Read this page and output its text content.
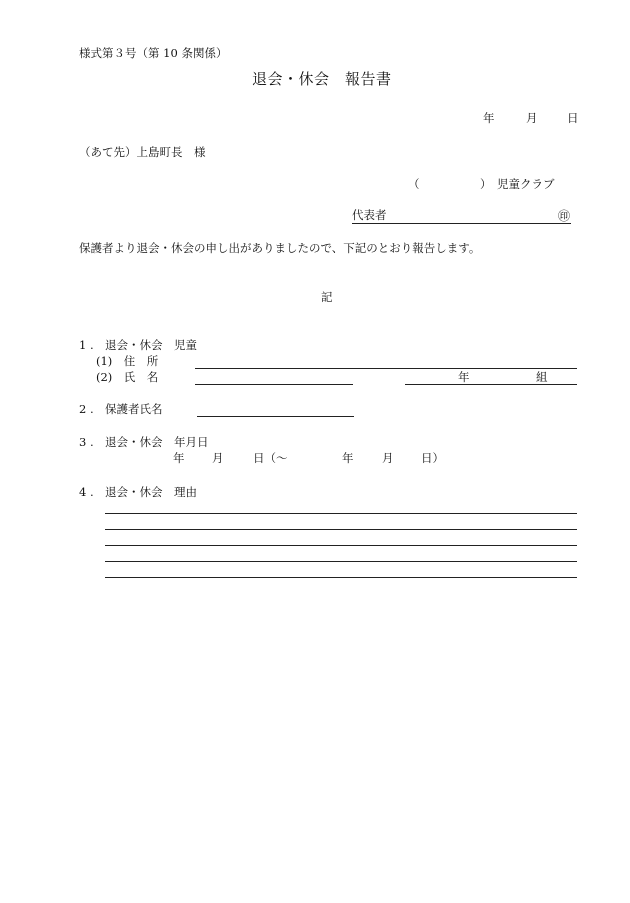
様式第３号（第 10 条関係）
退会・休会　報告書
年	月	日
（あて先）上島町長　様
（	） 児童クラブ
代表者	㊞
保護者より退会・休会の申し出がありましたので、下記のとおり報告します。
記
1 . 退会・休会　児童
(1)　住　所
(2)　氏　名	年	組
2 . 保護者氏名
3 . 退会・休会　年月日
年 月	日（〜	年 月 日）
4 . 退会・休会　理由
